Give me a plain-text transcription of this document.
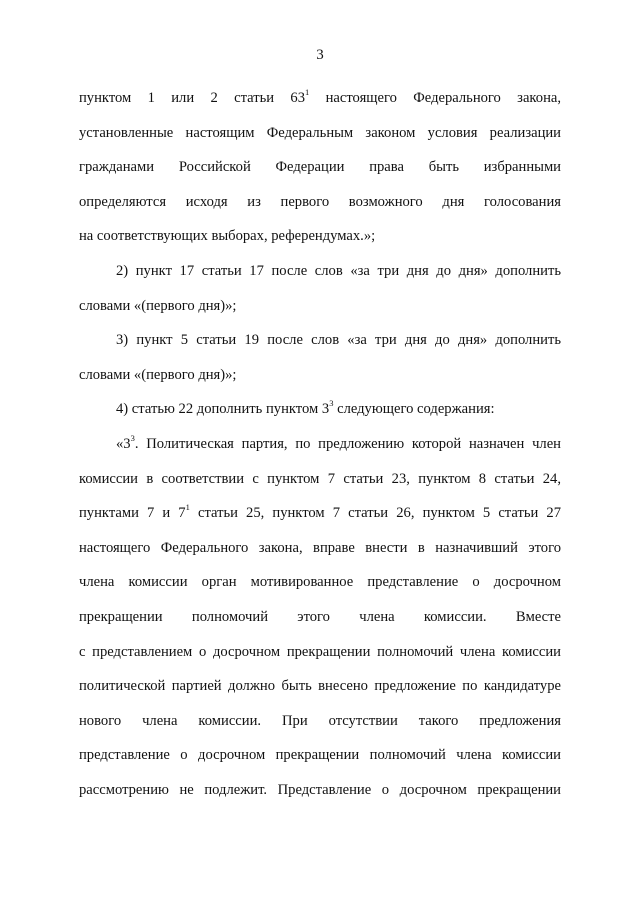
3
пунктом 1 или 2 статьи $63^1$ настоящего Федерального закона,
установленные настоящим Федеральным законом условия реализации
гражданами Российской Федерации права быть избранными
определяются исходя из первого возможного дня голосования
на соответствующих выборах, референдумах.»;
2) пункт 17 статьи 17 после слов «за три дня до дня» дополнить
словами «(первого дня)»;
3) пункт 5 статьи 19 после слов «за три дня до дня» дополнить
словами «(первого дня)»;
4) статью 22 дополнить пунктом $3^3$ следующего содержания:
«$3^3$. Политическая партия, по предложению которой назначен член
комиссии в соответствии с пунктом 7 статьи 23, пунктом 8 статьи 24,
пунктами 7 и $7^1$ статьи 25, пунктом 7 статьи 26, пунктом 5 статьи 27
настоящего Федерального закона, вправе внести в назначивший этого
члена комиссии орган мотивированное представление о досрочном
прекращении полномочий этого члена комиссии. Вместе
с представлением о досрочном прекращении полномочий члена комиссии
политической партией должно быть внесено предложение по кандидатуре
нового члена комиссии. При отсутствии такого предложения
представление о досрочном прекращении полномочий члена комиссии
рассмотрению не подлежит. Представление о досрочном прекращении
